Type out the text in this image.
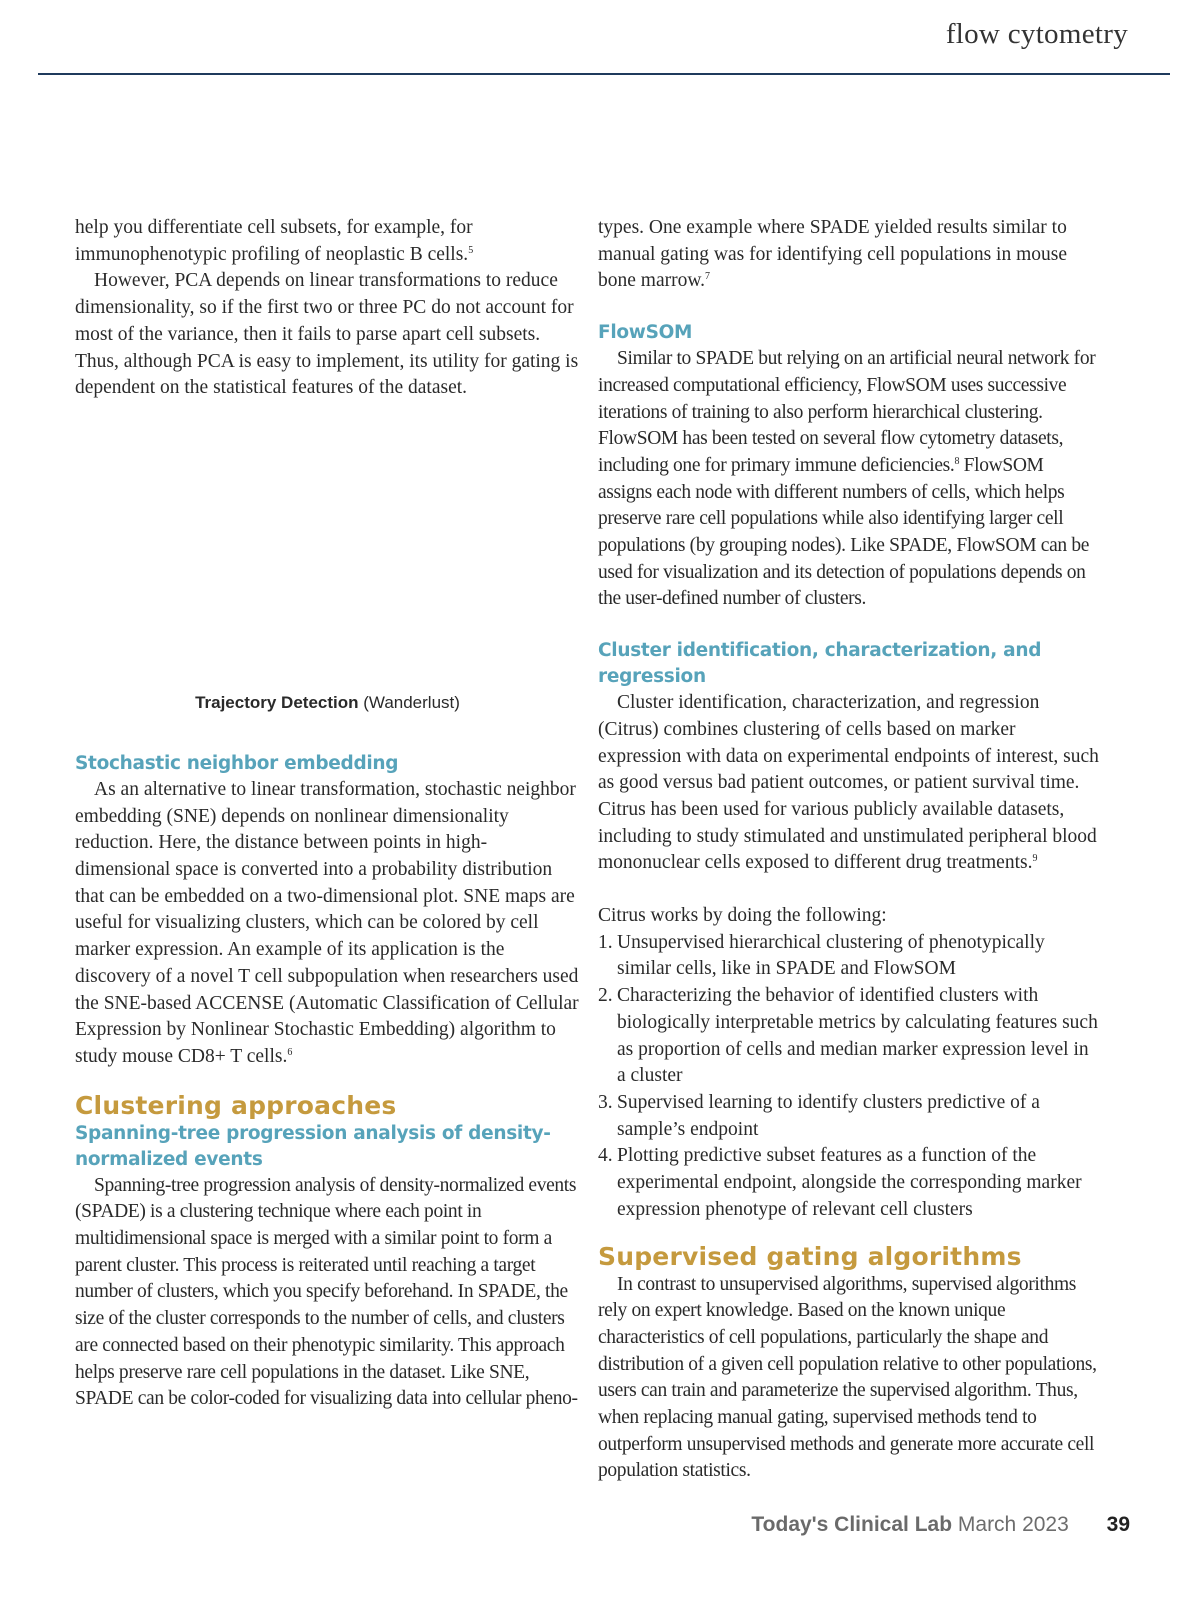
flow cytometry

help you differentiate cell subsets, for example, for immunophenotypic profiling of neoplastic B cells.$^5$

However, PCA depends on linear transformations to reduce dimensionality, so if the first two or three PC do not account for most of the variance, then it fails to parse apart cell subsets. Thus, although PCA is easy to implement, its utility for gating is dependent on the statistical features of the dataset.

Trajectory Detection (Wanderlust)
Stochastic neighbor embedding

As an alternative to linear transformation, stochastic neighbor embedding (SNE) depends on nonlinear dimensionality reduction. Here, the distance between points in high-dimensional space is converted into a probability distribution that can be embedded on a two-dimensional plot. SNE maps are useful for visualizing clusters, which can be colored by cell marker expression. An example of its application is the discovery of a novel T cell subpopulation when researchers used the SNE-based ACCENSE (Automatic Classification of Cellular Expression by Nonlinear Stochastic Embedding) algorithm to study mouse CD8+ T cells.$^6$

Clustering approaches
Spanning-tree progression analysis of density-normalized events

Spanning-tree progression analysis of density-normalized events (SPADE) is a clustering technique where each point in multidimensional space is merged with a similar point to form a parent cluster. This process is reiterated until reaching a target number of clusters, which you specify beforehand. In SPADE, the size of the cluster corresponds to the number of cells, and clusters are connected based on their phenotypic similarity. This approach helps preserve rare cell populations in the dataset. Like SNE, SPADE can be color-coded for visualizing data into cellular pheno-

types. One example where SPADE yielded results similar to manual gating was for identifying cell populations in mouse bone marrow.$^7$

FlowSOM

Similar to SPADE but relying on an artificial neural network for increased computational efficiency, FlowSOM uses successive iterations of training to also perform hierarchical clustering. FlowSOM has been tested on several flow cytometry datasets, including one for primary immune deficiencies.$^8$ FlowSOM assigns each node with different numbers of cells, which helps preserve rare cell populations while also identifying larger cell populations (by grouping nodes). Like SPADE, FlowSOM can be used for visualization and its detection of populations depends on the user-defined number of clusters.

Cluster identification, characterization, and regression

Cluster identification, characterization, and regression (Citrus) combines clustering of cells based on marker expression with data on experimental endpoints of interest, such as good versus bad patient outcomes, or patient survival time. Citrus has been used for various publicly available datasets, including to study stimulated and unstimulated peripheral blood mononuclear cells exposed to different drug treatments.$^9$

Citrus works by doing the following:

1. Unsupervised hierarchical clustering of phenotypically similar cells, like in SPADE and FlowSOM
2. Characterizing the behavior of identified clusters with biologically interpretable metrics by calculating features such as proportion of cells and median marker expression level in a cluster
3. Supervised learning to identify clusters predictive of a sample’s endpoint
4. Plotting predictive subset features as a function of the experimental endpoint, alongside the corresponding marker expression phenotype of relevant cell clusters
Supervised gating algorithms

In contrast to unsupervised algorithms, supervised algorithms rely on expert knowledge. Based on the known unique characteristics of cell populations, particularly the shape and distribution of a given cell population relative to other populations, users can train and parameterize the supervised algorithm. Thus, when replacing manual gating, supervised methods tend to outperform unsupervised methods and generate more accurate cell population statistics.

Today's Clinical Lab March 2023 39
